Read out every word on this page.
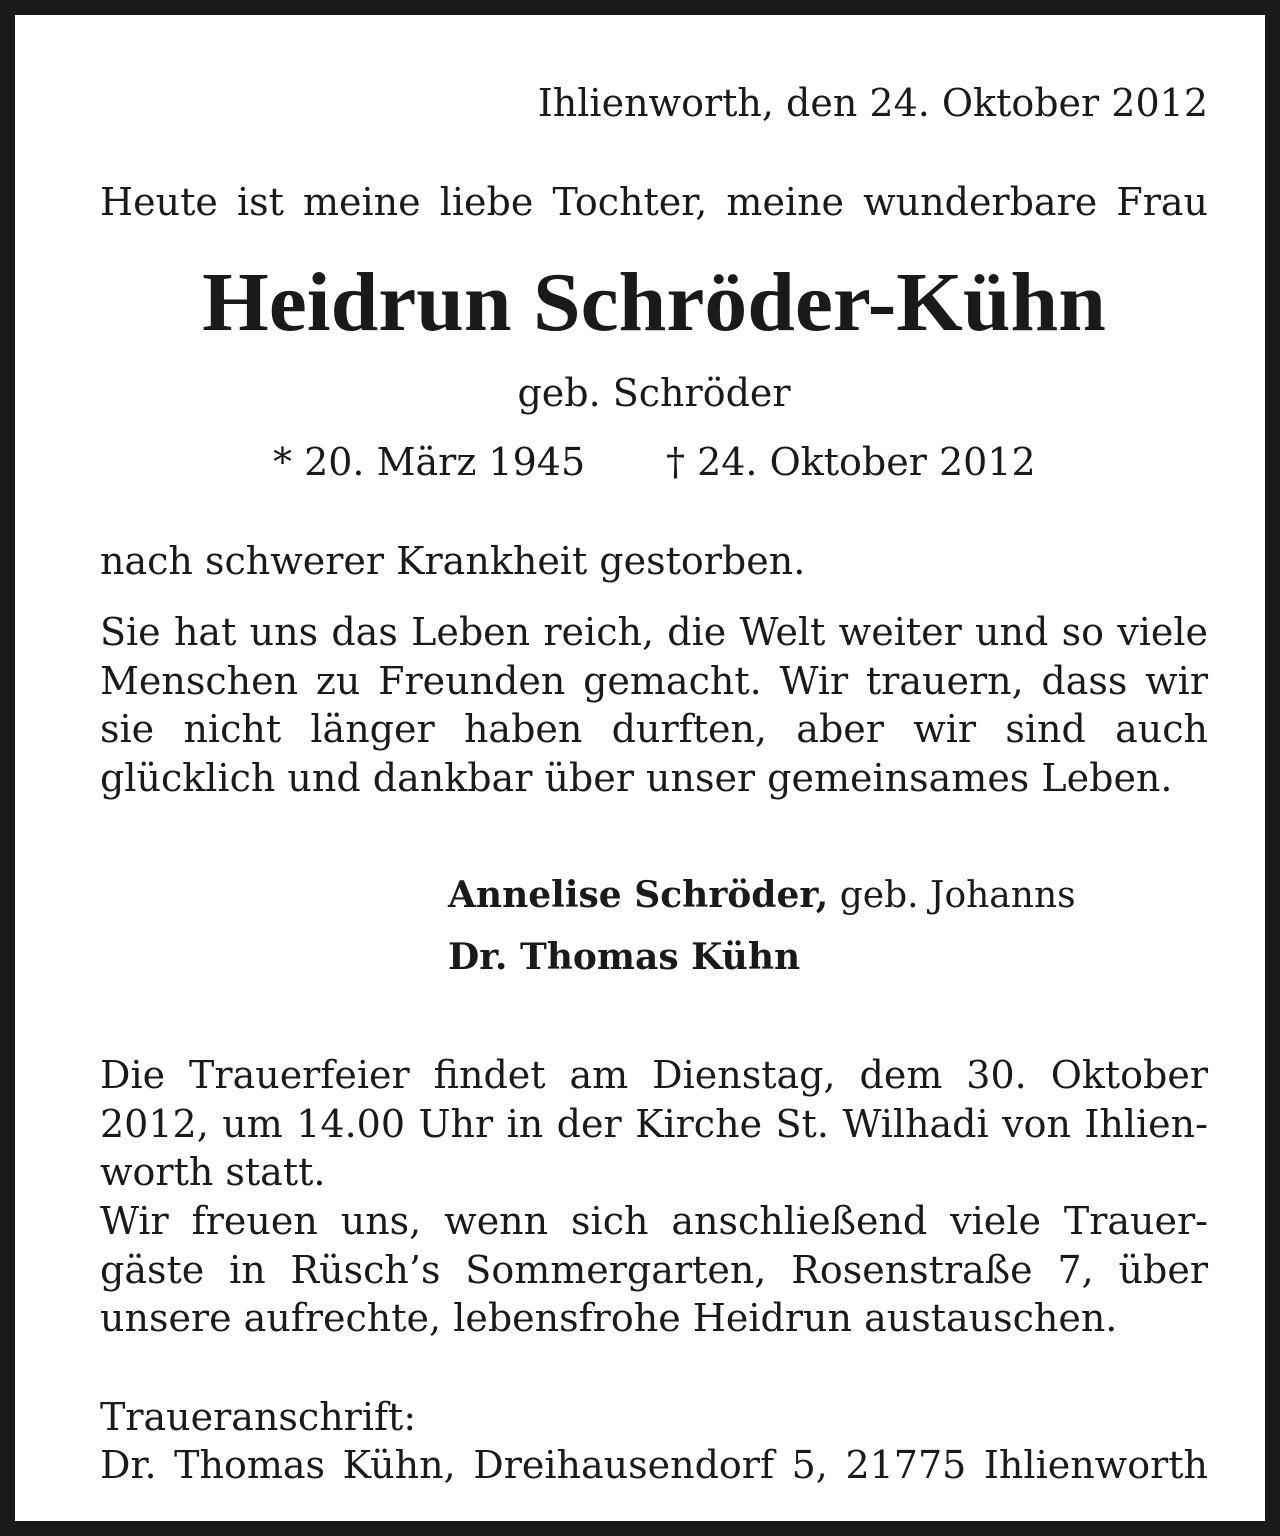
Ihlienworth, den 24. Oktober 2012
Heute ist meine liebe Tochter, meine wunderbare Frau
Heidrun Schröder-Kühn
geb. Schröder
* 20. März 1945 † 24. Oktober 2012
nach schwerer Krankheit gestorben.
Sie hat uns das Leben reich, die Welt weiter und so viele
Menschen zu Freunden gemacht. Wir trauern, dass wir
sie nicht länger haben durften, aber wir sind auch
glücklich und dankbar über unser gemeinsames Leben.
Annelise Schröder, geb. Johanns
Dr. Thomas Kühn
Die Trauerfeier findet am Dienstag, dem 30. Oktober
2012, um 14.00 Uhr in der Kirche St. Wilhadi von Ihlien-
worth statt.
Wir freuen uns, wenn sich anschließend viele Trauer-
gäste in Rüsch’s Sommergarten, Rosenstraße 7, über
unsere aufrechte, lebensfrohe Heidrun austauschen.
Traueranschrift:
Dr. Thomas Kühn, Dreihausendorf 5, 21775 Ihlienworth
